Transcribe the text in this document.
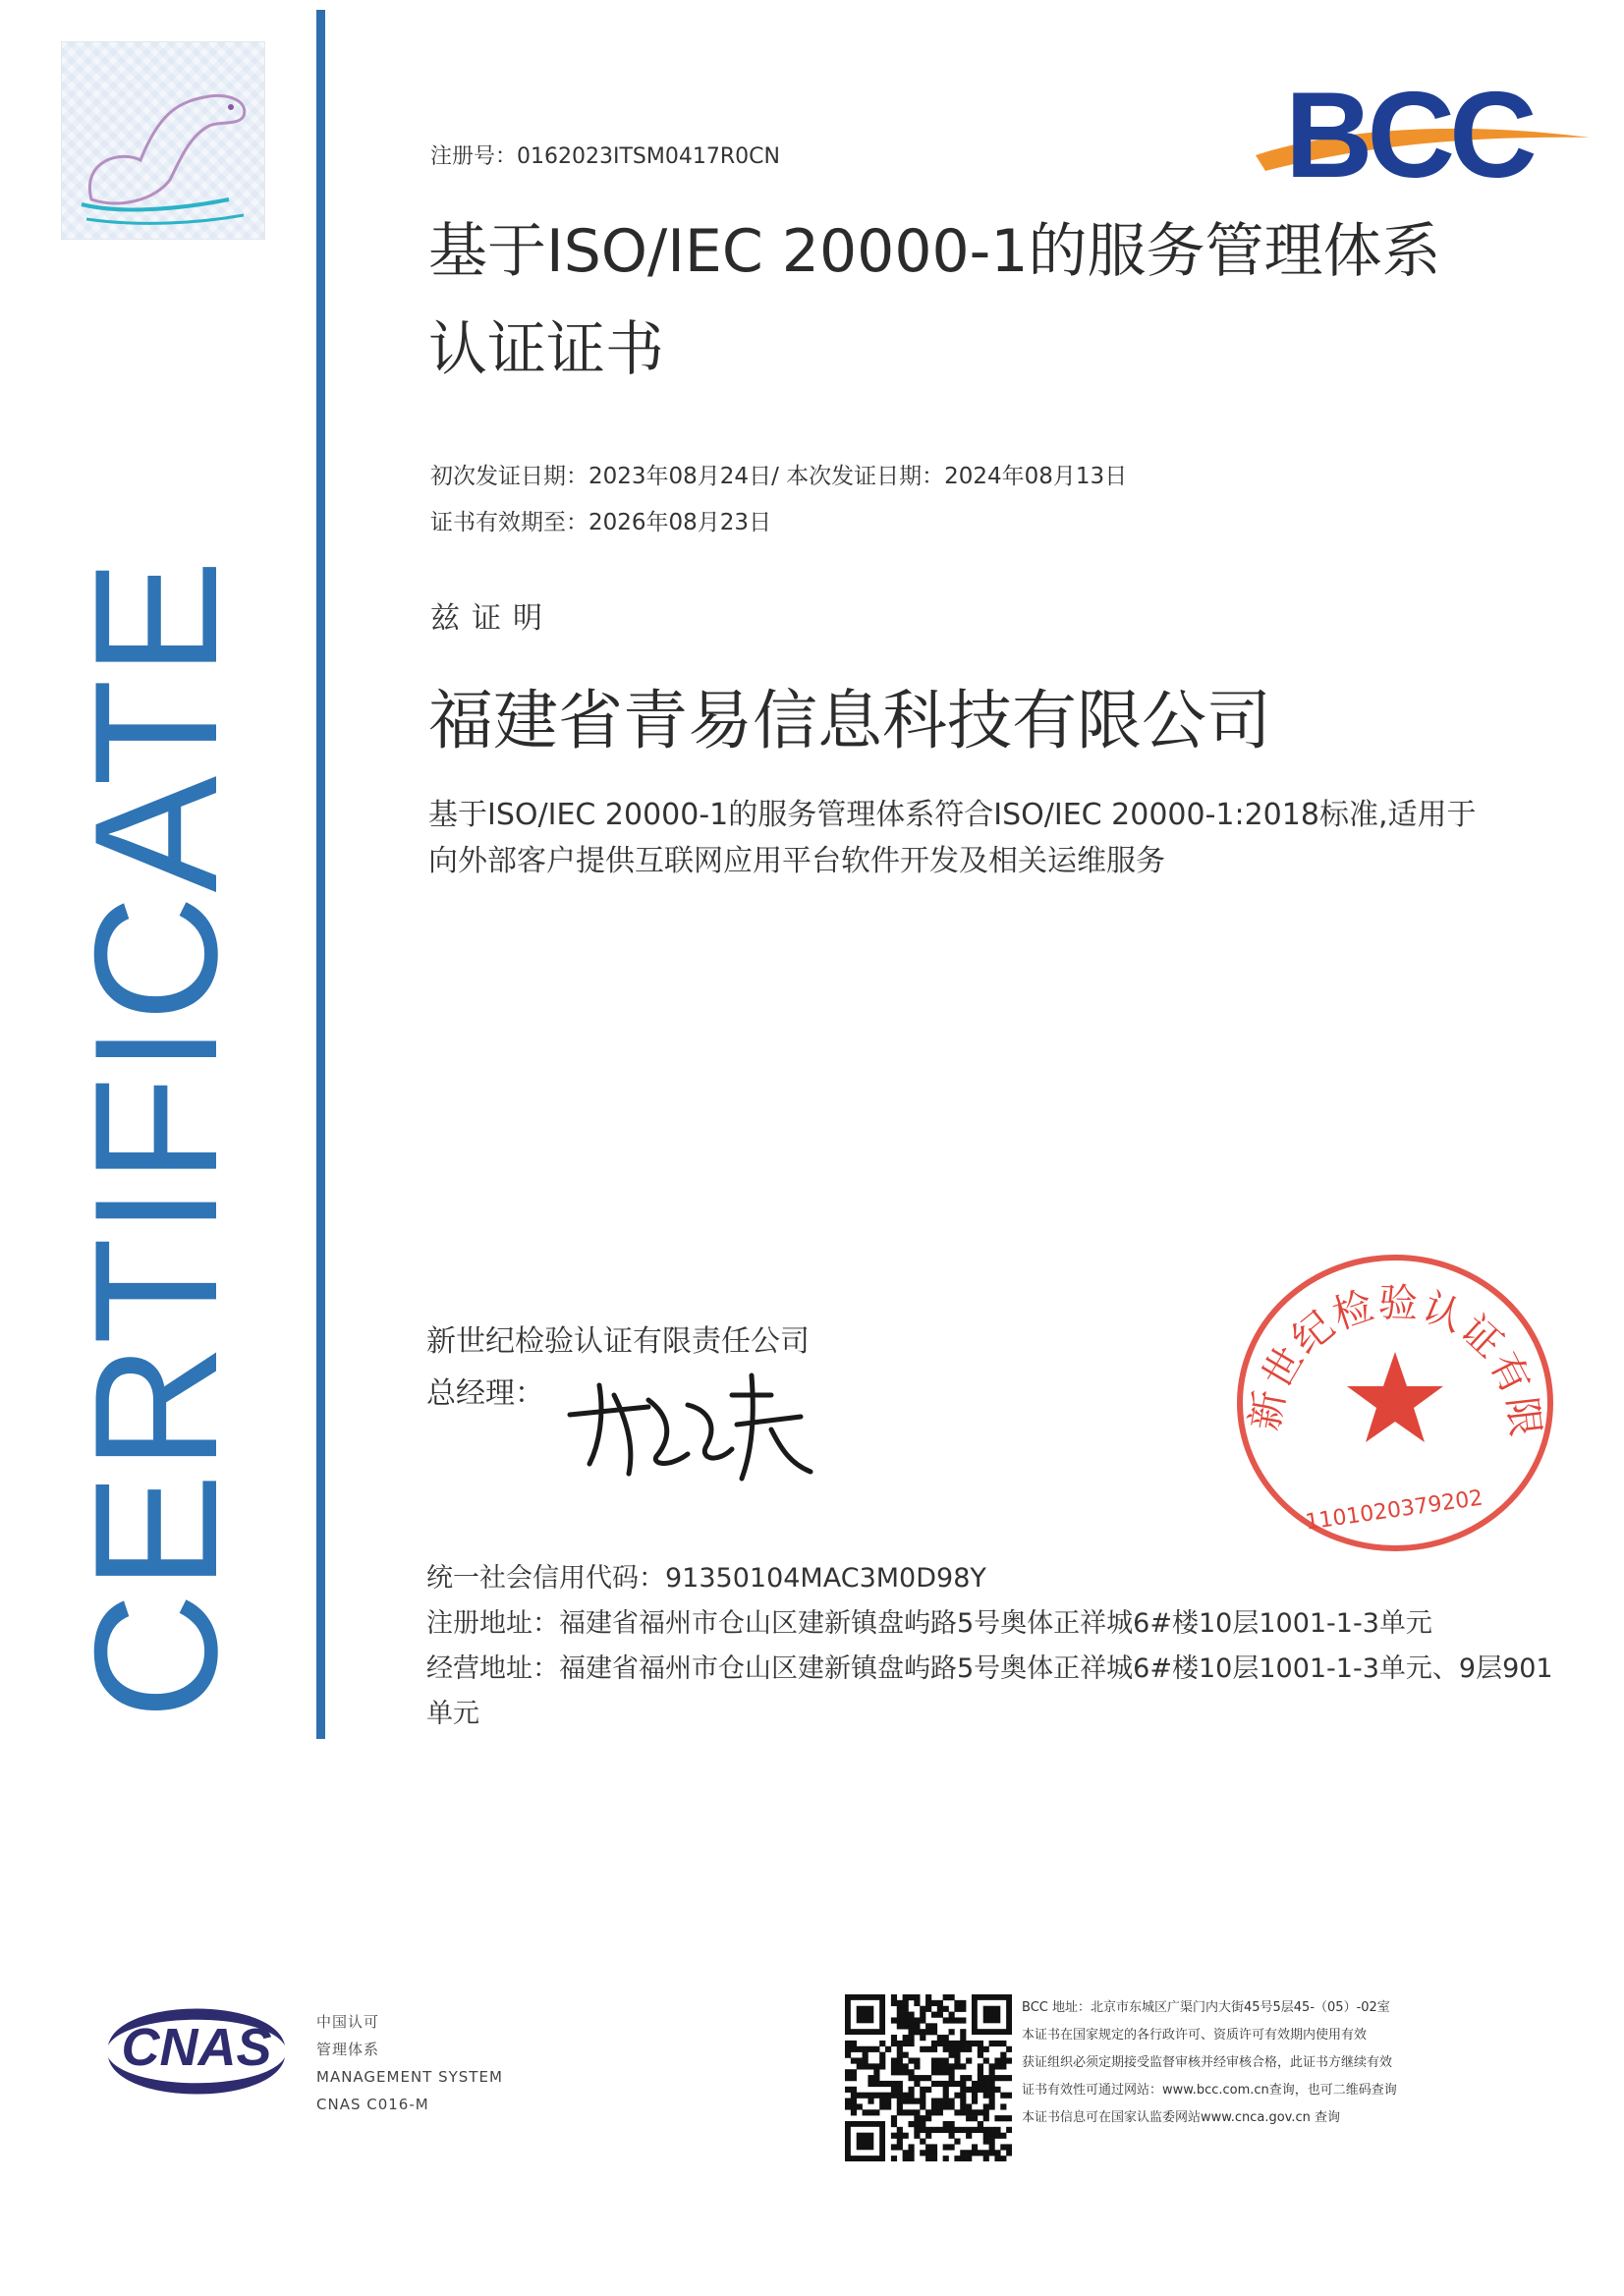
CERTIFICATE
BCC
注册号：0162023ITSM0417R0CN
基于ISO/IEC 20000-1的服务管理体系
认证证书
初次发证日期：2023年08月24日/ 本次发证日期：2024年08月13日
证书有效期至：2026年08月23日
兹证明
福建省青易信息科技有限公司
基于ISO/IEC 20000-1的服务管理体系符合ISO/IEC 20000-1:2018标准,适用于
向外部客户提供互联网应用平台软件开发及相关运维服务
新世纪检验认证有限责任公司
总经理：	新世纪检验认证有限
1101020379202
统一社会信用代码：91350104MAC3M0D98Y
注册地址：福建省福州市仓山区建新镇盘屿路5号奥体正祥城6#楼10层1001-1-3单元
经营地址：福建省福州市仓山区建新镇盘屿路5号奥体正祥城6#楼10层1001-1-3单元、9层901
单元
CNAS	中国认可
管理体系
MANAGEMENT SYSTEM
CNAS C016-M
BCC 地址：北京市东城区广渠门内大街45号5层45-（05）-02室
本证书在国家规定的各行政许可、资质许可有效期内使用有效
获证组织必须定期接受监督审核并经审核合格，此证书方继续有效
证书有效性可通过网站：www.bcc.com.cn查询，也可二维码查询
本证书信息可在国家认监委网站www.cnca.gov.cn 查询
